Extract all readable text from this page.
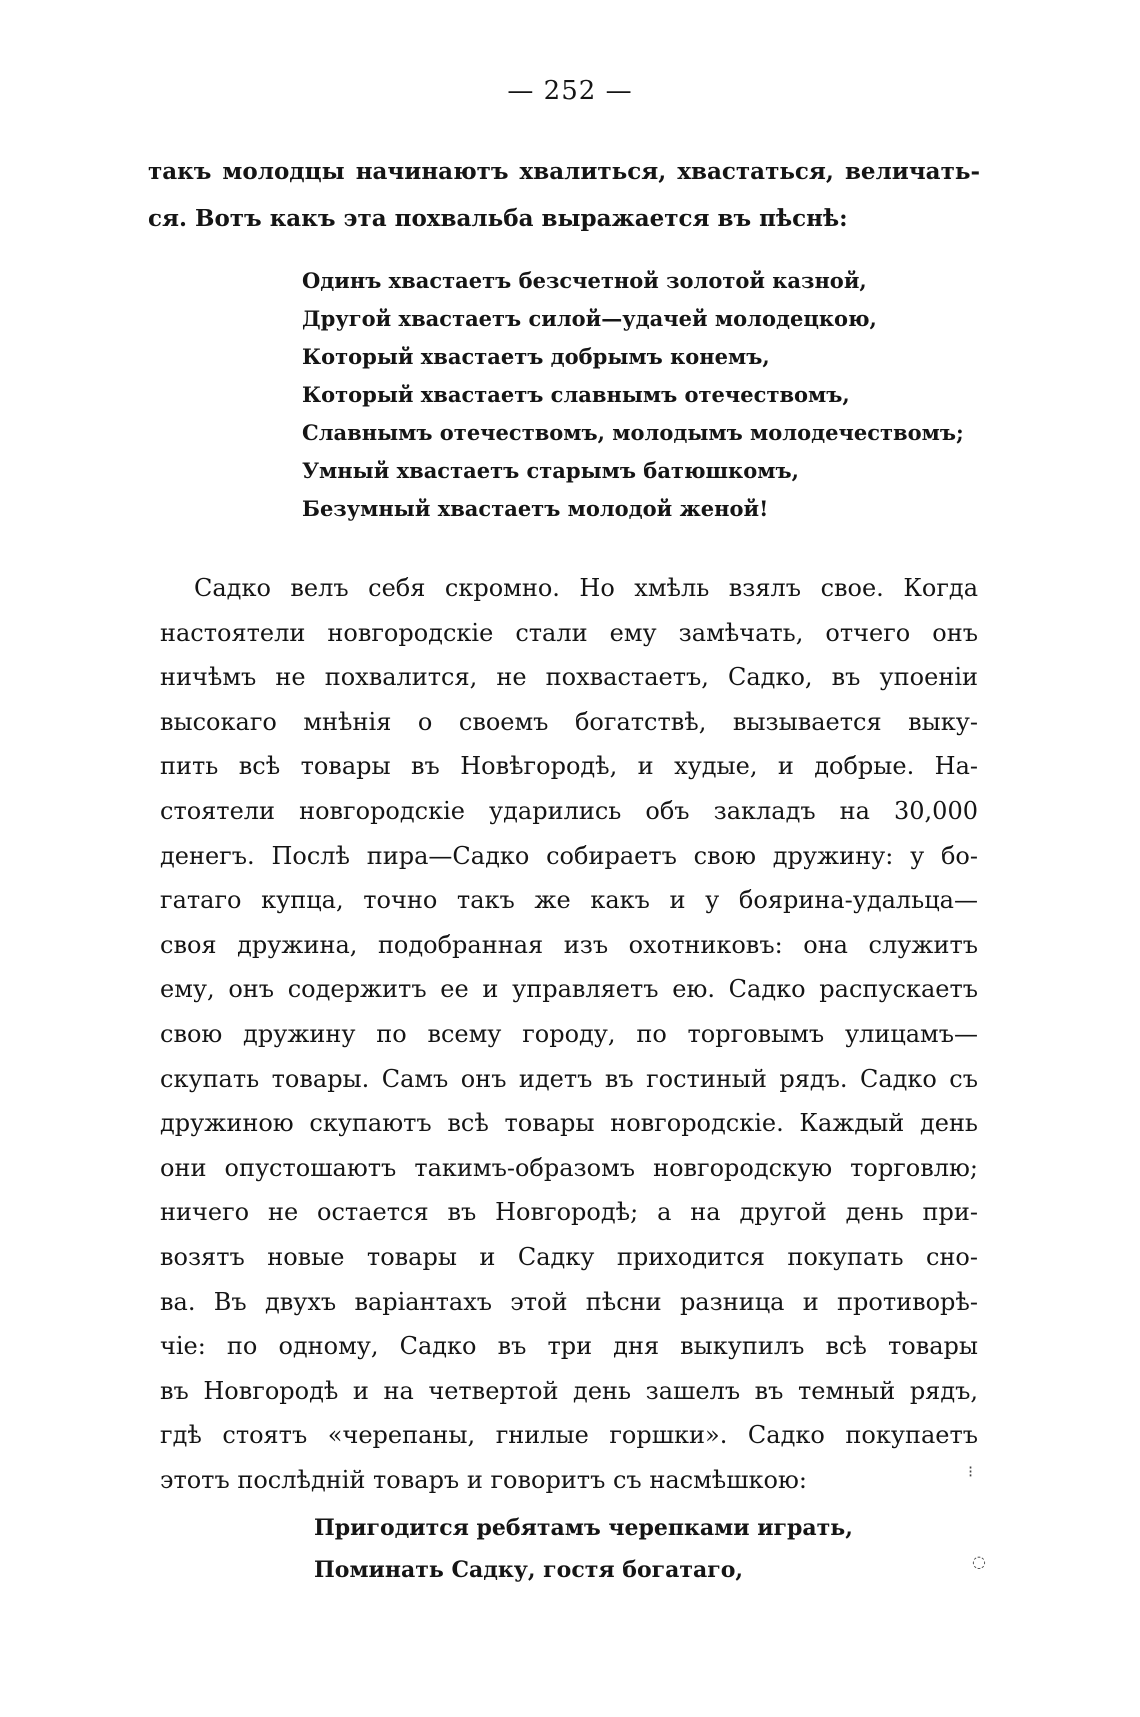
— 252 —
такъ молодцы начинаютъ хвалиться, хвастаться, величать-
ся. Вотъ какъ эта похвальба выражается въ пѣснѣ:
Одинъ хвастаетъ безсчетной золотой казной,
Другой хвастаетъ силой—удачей молодецкою,
Который хвастаетъ добрымъ конемъ,
Который хвастаетъ славнымъ отечествомъ,
Славнымъ отечествомъ, молодымъ молодечествомъ;
Умный хвастаетъ старымъ батюшкомъ,
Безумный хвастаетъ молодой женой!
Садко велъ себя скромно. Но хмѣль взялъ свое. Когда
настоятели новгородскіе стали ему замѣчать, отчего онъ
ничѣмъ не похвалится, не похвастаетъ, Садко, въ упоеніи
высокаго мнѣнія о своемъ богатствѣ, вызывается выку-
пить всѣ товары въ Новѣгородѣ, и худые, и добрые. На-
стоятели новгородскіе ударились объ закладъ на 30,000
денегъ. Послѣ пира—Садко собираетъ свою дружину: у бо-
гатаго купца, точно такъ же какъ и у боярина-удальца—
своя дружина, подобранная изъ охотниковъ: она служитъ
ему, онъ содержитъ ее и управляетъ ею. Садко распускаетъ
свою дружину по всему городу, по торговымъ улицамъ—
скупать товары. Самъ онъ идетъ въ гостиный рядъ. Садко съ
дружиною скупаютъ всѣ товары новгородскіе. Каждый день
они опустошаютъ такимъ-образомъ новгородскую торговлю;
ничего не остается въ Новгородѣ; а на другой день при-
возятъ новые товары и Садку приходится покупать сно-
ва. Въ двухъ варіантахъ этой пѣсни разница и противорѣ-
чіе: по одному, Садко въ три дня выкупилъ всѣ товары
въ Новгородѣ и на четвертой день зашелъ въ темный рядъ,
гдѣ стоятъ «черепаны, гнилые горшки». Садко покупаетъ
этотъ послѣдній товаръ и говоритъ съ насмѣшкою:
Пригодится ребятамъ черепками играть,
Поминать Садку, гостя богатаго,
⁝
◌
